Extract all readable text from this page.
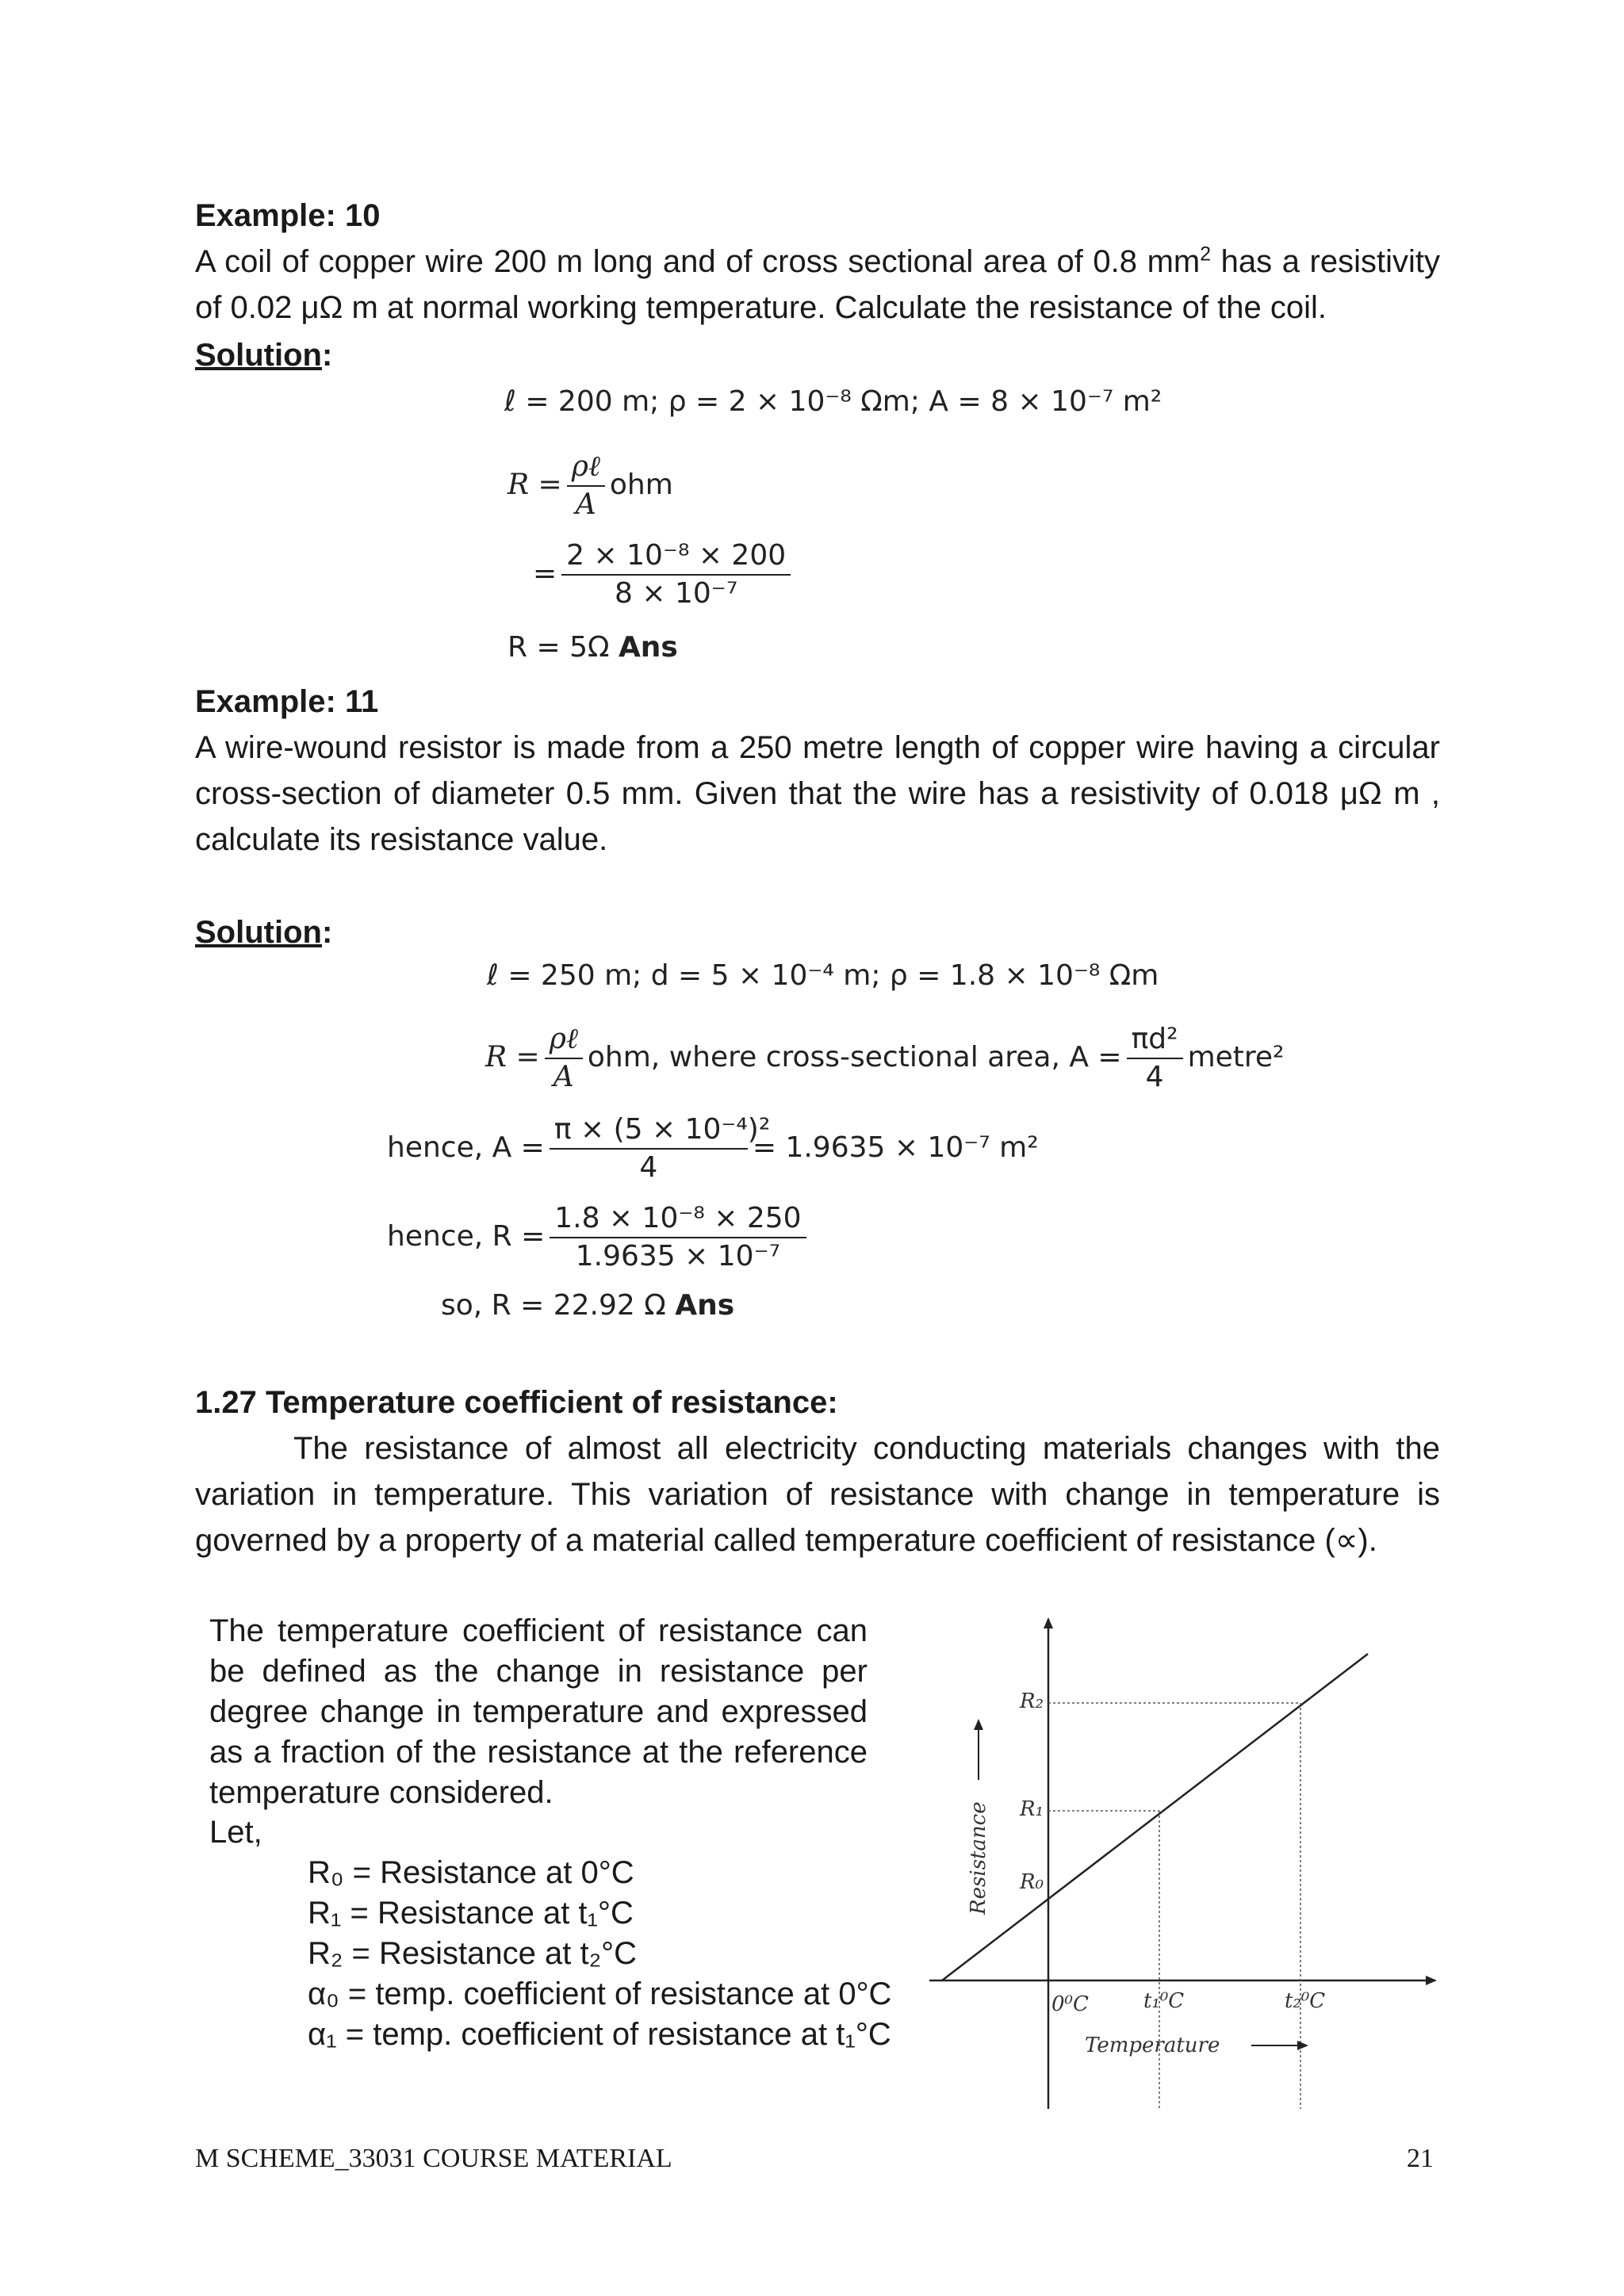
Example: 10
A coil of copper wire 200 m long and of cross sectional area of 0.8 $mm^2$ has a resistivity of 0.02 μΩ m at normal working temperature. Calculate the resistance of the coil.
Solution:
ℓ = 200 m; ρ = 2 × 10⁻⁸ Ωm; A = 8 × 10⁻⁷ m²
$R = \frac{\text{ρℓ}}{A}$ ohm
= $\frac{\text{2 × 10⁻⁸ × 200}}{\text{8 × 10⁻⁷}}$
R = 5Ω Ans
Example: 11
A wire-wound resistor is made from a 250 metre length of copper wire having a circular cross-section of diameter 0.5 mm. Given that the wire has a resistivity of 0.018 μΩ m , calculate its resistance value.
Solution:
ℓ = 250 m; d = 5 × 10⁻⁴ m; ρ = 1.8 × 10⁻⁸ Ωm
$R = \frac{\text{ρℓ}}{A}$ ohm, where cross-sectional area, $A = \frac{\text{πd²}}{4}$ metre²
hence, $A = \frac{\text{π × (5 × 10⁻⁴)²}}{4} = 1.9635 \times 10^{-7}$ m²
hence, $R = \frac{\text{1.8 × 10⁻⁸ × 250}}{\text{1.9635 × 10⁻⁷}}$
so, R = 22.92 Ω Ans
1.27 Temperature coefficient of resistance:
The resistance of almost all electricity conducting materials changes with the variation in temperature. This variation of resistance with change in temperature is governed by a property of a material called temperature coefficient of resistance (∝).
The temperature coefficient of resistance can be defined as the change in resistance per degree change in temperature and expressed as a fraction of the resistance at the reference temperature considered.
Let,
R₀ = Resistance at 0°C
R₁ = Resistance at t₁°C
R₂ = Resistance at t₂°C
α₀ = temp. coefficient of resistance at 0°C
α₁ = temp. coefficient of resistance at t₁°C
R₂
R₁
R₀
0⁰C	t₁⁰C	t₂⁰C
Resistance
Temperature
M SCHEME_33031 COURSE MATERIAL	21
